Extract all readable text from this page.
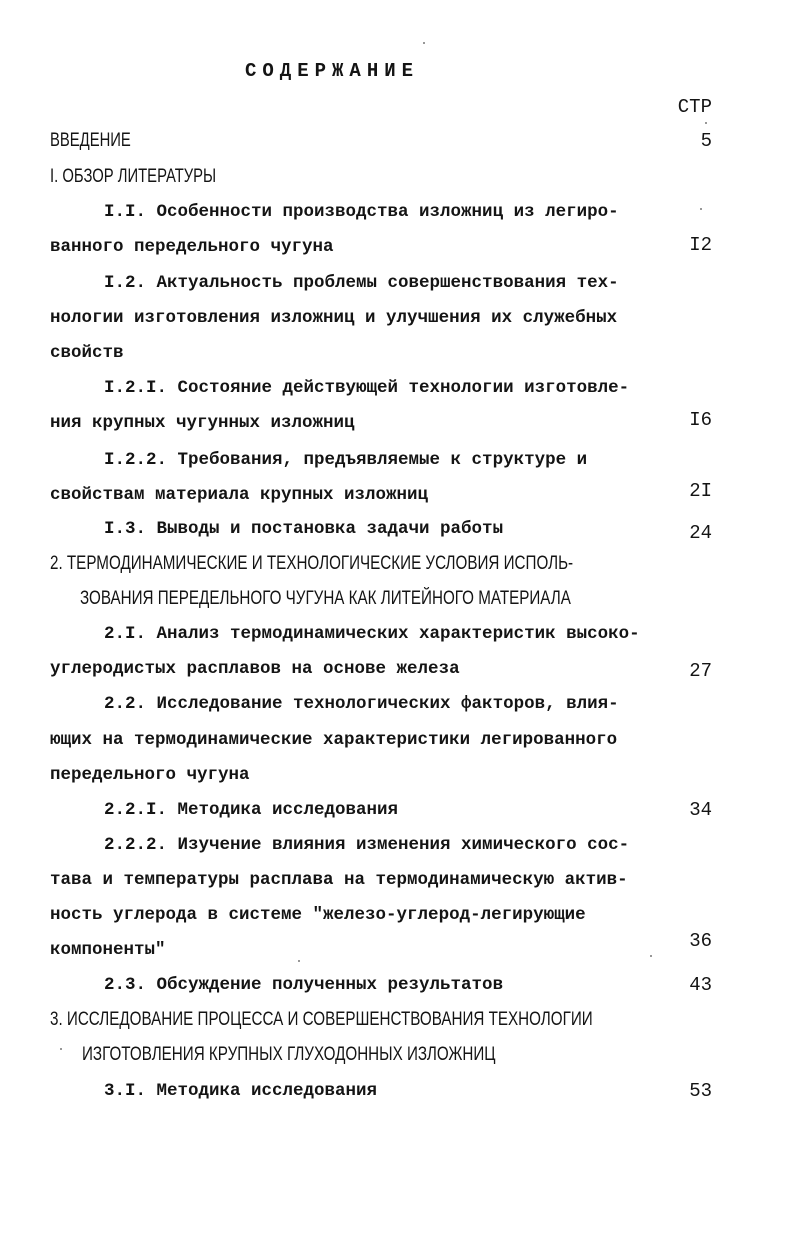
СОДЕРЖАНИЕ
СТР
ВВЕДЕНИЕ	5
I. ОБЗОР ЛИТЕРАТУРЫ
I.I. Особенности производства изложниц из легиро-
ванного передельного чугуна	I2
I.2. Актуальность проблемы совершенствования тех-
нологии изготовления изложниц и улучшения их служебных
свойств
I.2.I. Состояние действующей технологии изготовле-
ния крупных чугунных изложниц	I6
I.2.2. Требования, предъявляемые к структуре и
свойствам материала крупных изложниц	2I
I.3. Выводы и постановка задачи работы	24
2. ТЕРМОДИНАМИЧЕСКИЕ И ТЕХНОЛОГИЧЕСКИЕ УСЛОВИЯ ИСПОЛЬ-
ЗОВАНИЯ ПЕРЕДЕЛЬНОГО ЧУГУНА КАК ЛИТЕЙНОГО МАТЕРИАЛА
2.I. Анализ термодинамических характеристик высоко-
углеродистых расплавов на основе железа	27
2.2. Исследование технологических факторов, влия-
ющих на термодинамические характеристики легированного
передельного чугуна
2.2.I. Методика исследования	34
2.2.2. Изучение влияния изменения химического сос-
тава и температуры расплава на термодинамическую актив-
ность углерода в системе "железо-углерод-легирующие
компоненты"	36
2.3. Обсуждение полученных результатов	43
3. ИССЛЕДОВАНИЕ ПРОЦЕССА И СОВЕРШЕНСТВОВАНИЯ ТЕХНОЛОГИИ
ИЗГОТОВЛЕНИЯ КРУПНЫХ ГЛУХОДОННЫХ ИЗЛОЖНИЦ
3.I. Методика исследования	53
